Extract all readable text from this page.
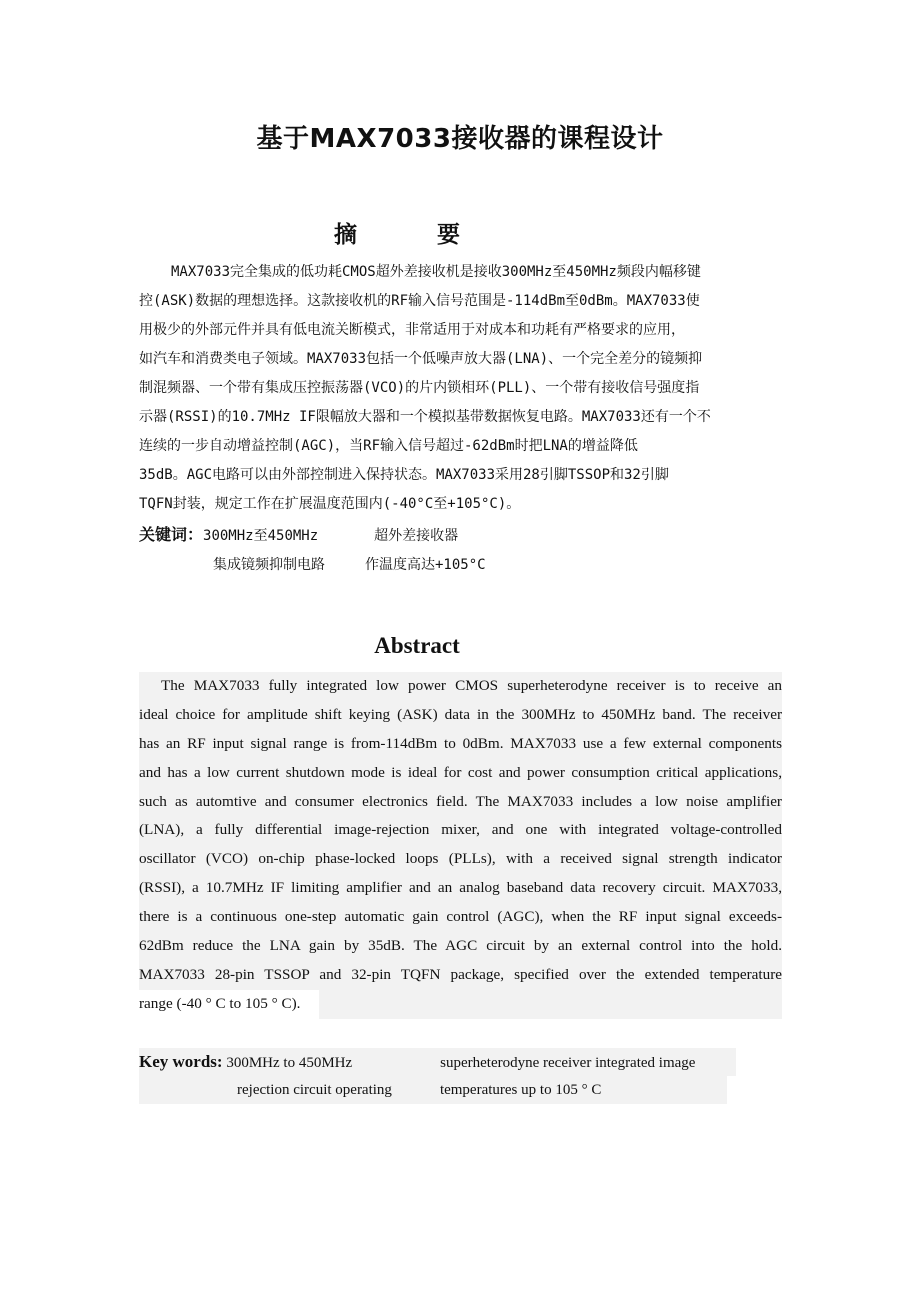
基于MAX7033接收器的课程设计
摘 要
MAX7033完全集成的低功耗CMOS超外差接收机是接收300MHz至450MHz频段内幅移键
控(ASK)数据的理想选择。这款接收机的RF输入信号范围是-114dBm至0dBm。MAX7033使
用极少的外部元件并具有低电流关断模式，非常适用于对成本和功耗有严格要求的应用，
如汽车和消费类电子领域。MAX7033包括一个低噪声放大器(LNA)、一个完全差分的镜频抑
制混频器、一个带有集成压控振荡器(VCO)的片内锁相环(PLL)、一个带有接收信号强度指
示器(RSSI)的10.7MHz IF限幅放大器和一个模拟基带数据恢复电路。MAX7033还有一个不
连续的一步自动增益控制(AGC)，当RF输入信号超过-62dBm时把LNA的增益降低
35dB。AGC电路可以由外部控制进入保持状态。MAX7033采用28引脚TSSOP和32引脚
TQFN封装，规定工作在扩展温度范围内(-40°C至+105°C)。
关键词：300MHz至450MHz	超外差接收器
集成镜频抑制电路	作温度高达+105°C
Abstract
The MAX7033 fully integrated low power CMOS superheterodyne receiver is to receive an
ideal choice for amplitude shift keying (ASK) data in the 300MHz to 450MHz band. The receiver
has an RF input signal range is from-114dBm to 0dBm. MAX7033 use a few external components
and has a low current shutdown mode is ideal for cost and power consumption critical applications,
such as automtive and consumer electronics field. The MAX7033 includes a low noise amplifier
(LNA), a fully differential image-rejection mixer, and one with integrated voltage-controlled
oscillator (VCO) on-chip phase-locked loops (PLLs), with a received signal strength indicator
(RSSI), a 10.7MHz IF limiting amplifier and an analog baseband data recovery circuit. MAX7033,
there is a continuous one-step automatic gain control (AGC), when the RF input signal exceeds-
62dBm reduce the LNA gain by 35dB. The AGC circuit by an external control into the hold.
MAX7033 28-pin TSSOP and 32-pin TQFN package, specified over the extended temperature
range (-40 ° C to 105 ° C).
Key words: 300MHz to 450MHz	superheterodyne receiver integrated image
rejection circuit operating	temperatures up to 105 ° C
